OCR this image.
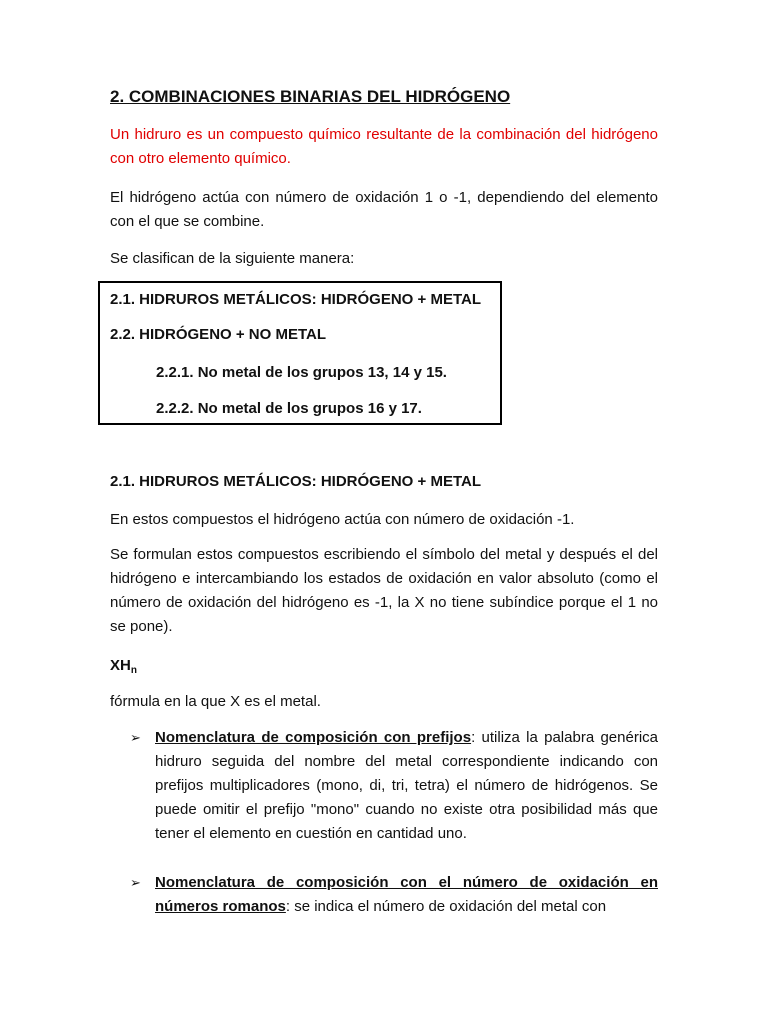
2. COMBINACIONES BINARIAS DEL HIDRÓGENO

Un hidruro es un compuesto químico resultante de la combinación del hidrógeno con otro elemento químico.

El hidrógeno actúa con número de oxidación 1 o -1, dependiendo del elemento con el que se combine.

Se clasifican de la siguiente manera:

2.1. HIDRUROS METÁLICOS: HIDRÓGENO + METAL
2.2. HIDRÓGENO + NO METAL
2.2.1. No metal de los grupos 13, 14 y 15.
2.2.2. No metal de los grupos 16 y 17.

2.1. HIDRUROS METÁLICOS: HIDRÓGENO + METAL

En estos compuestos el hidrógeno actúa con número de oxidación -1.

Se formulan estos compuestos escribiendo el símbolo del metal y después el del hidrógeno e intercambiando los estados de oxidación en valor absoluto (como el número de oxidación del hidrógeno es -1, la X no tiene subíndice porque el 1 no se pone).

$XH_n$

fórmula en la que X es el metal.

➢ Nomenclatura de composición con prefijos: utiliza la palabra genérica hidruro seguida del nombre del metal correspondiente indicando con prefijos multiplicadores (mono, di, tri, tetra) el número de hidrógenos. Se puede omitir el prefijo "mono" cuando no existe otra posibilidad más que tener el elemento en cuestión en cantidad uno.

➢ Nomenclatura de composición con el número de oxidación en números romanos: se indica el número de oxidación del metal con
